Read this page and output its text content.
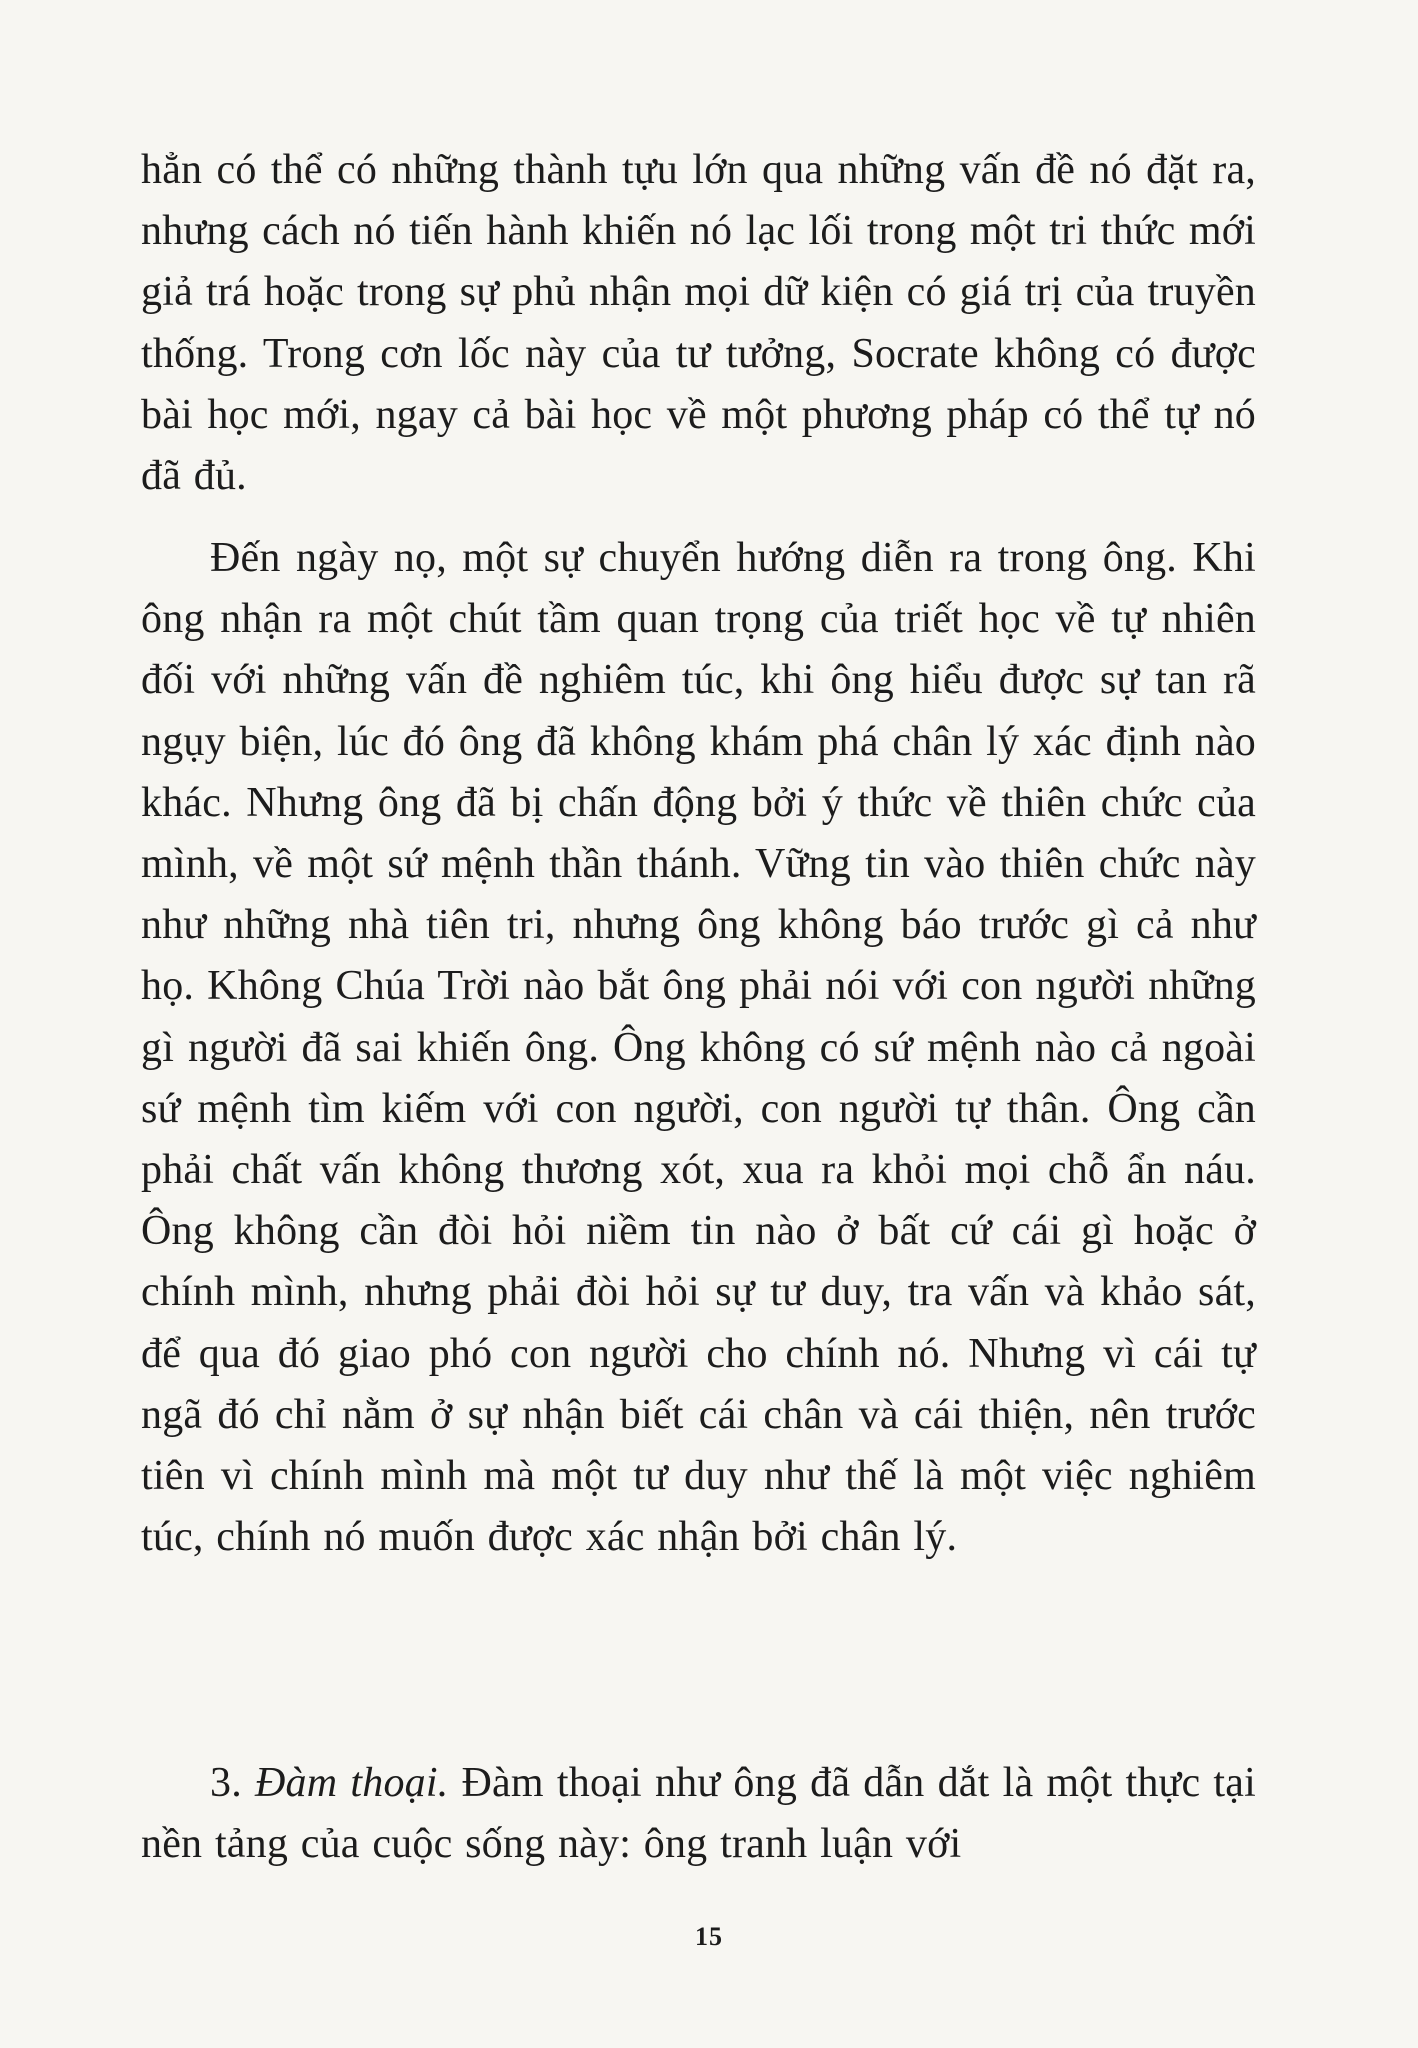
hẳn có thể có những thành tựu lớn qua những vấn đề nó đặt ra, nhưng cách nó tiến hành khiến nó lạc lối trong một tri thức mới giả trá hoặc trong sự phủ nhận mọi dữ kiện có giá trị của truyền thống. Trong cơn lốc này của tư tưởng, Socrate không có được bài học mới, ngay cả bài học về một phương pháp có thể tự nó đã đủ.

Đến ngày nọ, một sự chuyển hướng diễn ra trong ông. Khi ông nhận ra một chút tầm quan trọng của triết học về tự nhiên đối với những vấn đề nghiêm túc, khi ông hiểu được sự tan rã ngụy biện, lúc đó ông đã không khám phá chân lý xác định nào khác. Nhưng ông đã bị chấn động bởi ý thức về thiên chức của mình, về một sứ mệnh thần thánh. Vững tin vào thiên chức này như những nhà tiên tri, nhưng ông không báo trước gì cả như họ. Không Chúa Trời nào bắt ông phải nói với con người những gì người đã sai khiến ông. Ông không có sứ mệnh nào cả ngoài sứ mệnh tìm kiếm với con người, con người tự thân. Ông cần phải chất vấn không thương xót, xua ra khỏi mọi chỗ ẩn náu. Ông không cần đòi hỏi niềm tin nào ở bất cứ cái gì hoặc ở chính mình, nhưng phải đòi hỏi sự tư duy, tra vấn và khảo sát, để qua đó giao phó con người cho chính nó. Nhưng vì cái tự ngã đó chỉ nằm ở sự nhận biết cái chân và cái thiện, nên trước tiên vì chính mình mà một tư duy như thế là một việc nghiêm túc, chính nó muốn được xác nhận bởi chân lý.

3. Đàm thoại. Đàm thoại như ông đã dẫn dắt là một thực tại nền tảng của cuộc sống này: ông tranh luận với

15
